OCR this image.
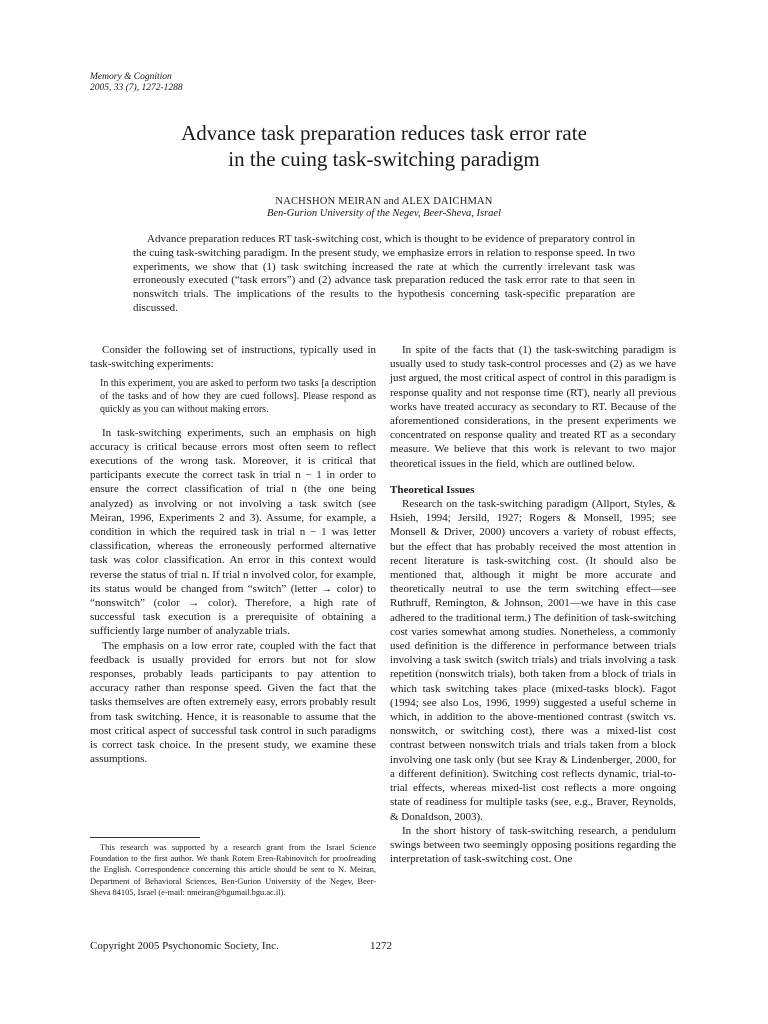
Memory & Cognition
2005, 33 (7), 1272-1288
Advance task preparation reduces task error rate
in the cuing task-switching paradigm
NACHSHON MEIRAN and ALEX DAICHMAN
Ben-Gurion University of the Negev, Beer-Sheva, Israel
Advance preparation reduces RT task-switching cost, which is thought to be evidence of preparatory control in the cuing task-switching paradigm. In the present study, we emphasize errors in relation to response speed. In two experiments, we show that (1) task switching increased the rate at which the currently irrelevant task was erroneously executed (“task errors”) and (2) advance task preparation reduced the task error rate to that seen in nonswitch trials. The implications of the results to the hypothesis concerning task-specific preparation are discussed.

Consider the following set of instructions, typically used in task-switching experiments:

In this experiment, you are asked to perform two tasks [a description of the tasks and of how they are cued follows]. Please respond as quickly as you can without making errors.

In task-switching experiments, such an emphasis on high accuracy is critical because errors most often seem to reflect executions of the wrong task. Moreover, it is critical that participants execute the correct task in trial n − 1 in order to ensure the correct classification of trial n (the one being analyzed) as involving or not involving a task switch (see Meiran, 1996, Experiments 2 and 3). Assume, for example, a condition in which the required task in trial n − 1 was letter classification, whereas the erroneously performed alternative task was color classification. An error in this context would reverse the status of trial n. If trial n involved color, for example, its status would be changed from “switch” (letter → color) to “nonswitch” (color → color). Therefore, a high rate of successful task execution is a prerequisite of obtaining a sufficiently large number of analyzable trials.

The emphasis on a low error rate, coupled with the fact that feedback is usually provided for errors but not for slow responses, probably leads participants to pay attention to accuracy rather than response speed. Given the fact that the tasks themselves are often extremely easy, errors probably result from task switching. Hence, it is reasonable to assume that the most critical aspect of successful task control in such paradigms is correct task choice. In the present study, we examine these assumptions.

This research was supported by a research grant from the Israel Science Foundation to the first author. We thank Rotem Eren-Rabinovitch for proofreading the English. Correspondence concerning this article should be sent to N. Meiran, Department of Behavioral Sciences, Ben-Gurion University of the Negev, Beer-Sheva 84105, Israel (e-mail: nmeiran@bgumail.bgu.ac.il).

In spite of the facts that (1) the task-switching paradigm is usually used to study task-control processes and (2) as we have just argued, the most critical aspect of control in this paradigm is response quality and not response time (RT), nearly all previous works have treated accuracy as secondary to RT. Because of the aforementioned considerations, in the present experiments we concentrated on response quality and treated RT as a secondary measure. We believe that this work is relevant to two major theoretical issues in the field, which are outlined below.

Theoretical Issues

Research on the task-switching paradigm (Allport, Styles, & Hsieh, 1994; Jersild, 1927; Rogers & Monsell, 1995; see Monsell & Driver, 2000) uncovers a variety of robust effects, but the effect that has probably received the most attention in recent literature is task-switching cost. (It should also be mentioned that, although it might be more accurate and theoretically neutral to use the term switching effect—see Ruthruff, Remington, & Johnson, 2001—we have in this case adhered to the traditional term.) The definition of task-switching cost varies somewhat among studies. Nonetheless, a commonly used definition is the difference in performance between trials involving a task switch (switch trials) and trials involving a task repetition (nonswitch trials), both taken from a block of trials in which task switching takes place (mixed-tasks block). Fagot (1994; see also Los, 1996, 1999) suggested a useful scheme in which, in addition to the above-mentioned contrast (switch vs. nonswitch, or switching cost), there was a mixed-list cost contrast between nonswitch trials and trials taken from a block involving one task only (but see Kray & Lindenberger, 2000, for a different definition). Switching cost reflects dynamic, trial-to-trial effects, whereas mixed-list cost reflects a more ongoing state of readiness for multiple tasks (see, e.g., Braver, Reynolds, & Donaldson, 2003).

In the short history of task-switching research, a pendulum swings between two seemingly opposing positions regarding the interpretation of task-switching cost. One

Copyright 2005 Psychonomic Society, Inc.	1272
